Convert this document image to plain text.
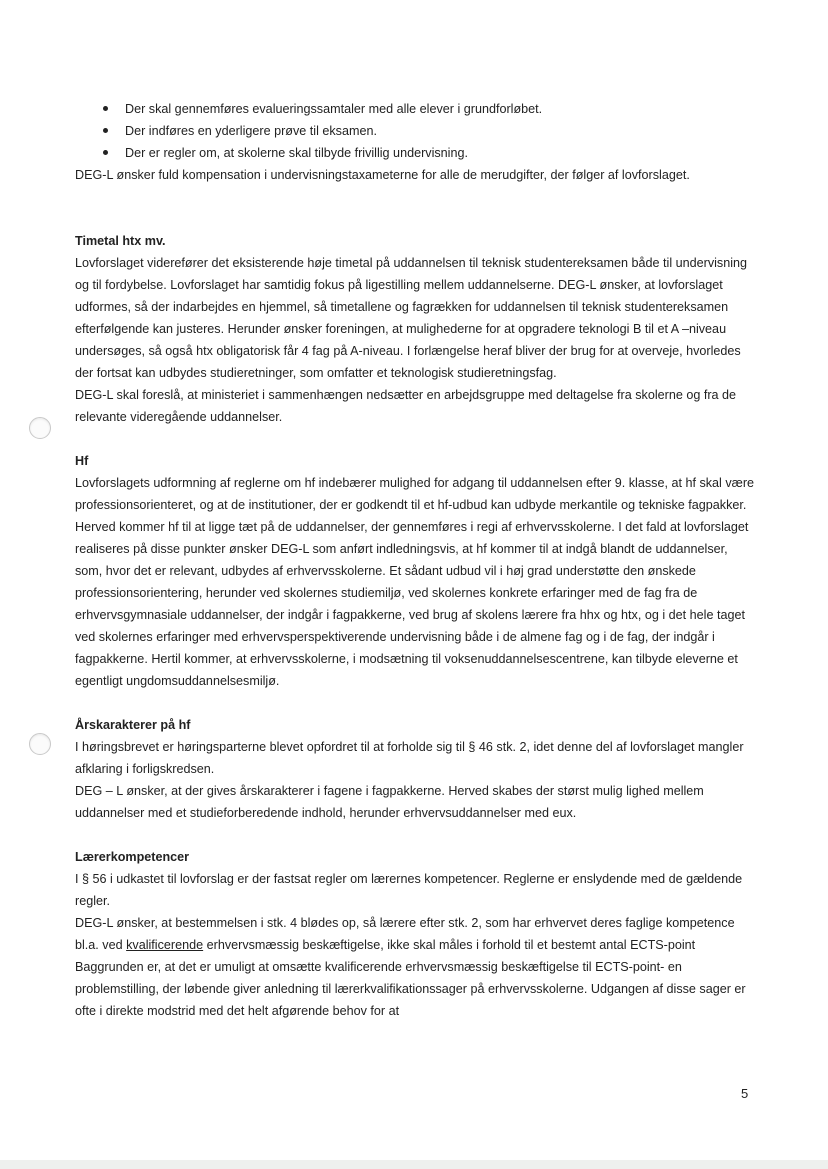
Der skal gennemføres evalueringssamtaler med alle elever i grundforløbet.
Der indføres en yderligere prøve til eksamen.
Der er regler om, at skolerne skal tilbyde frivillig undervisning.

DEG-L ønsker fuld kompensation i undervisningstaxameterne for alle de merudgifter, der følger af lovforslaget.

Timetal htx mv.

Lovforslaget viderefører det eksisterende høje timetal på uddannelsen til teknisk studentereksamen både til undervisning og til fordybelse. Lovforslaget har samtidig fokus på ligestilling mellem uddannelserne. DEG-L ønsker, at lovforslaget udformes, så der indarbejdes en hjemmel, så timetallene og fagrækken for uddannelsen til teknisk studentereksamen efterfølgende kan justeres. Herunder ønsker foreningen, at mulighederne for at opgradere teknologi B til et A –niveau undersøges, så også htx obligatorisk får 4 fag på A-niveau. I forlængelse heraf bliver der brug for at overveje, hvorledes der fortsat kan udbydes studieretninger, som omfatter et teknologisk studieretningsfag.

DEG-L skal foreslå, at ministeriet i sammenhængen nedsætter en arbejdsgruppe med deltagelse fra skolerne og fra de relevante videregående uddannelser.

Hf

Lovforslagets udformning af reglerne om hf indebærer mulighed for adgang til uddannelsen efter 9. klasse, at hf skal være professionsorienteret, og at de institutioner, der er godkendt til et hf-udbud kan udbyde merkantile og tekniske fagpakker. Herved kommer hf til at ligge tæt på de uddannelser, der gennemføres i regi af erhvervsskolerne. I det fald at lovforslaget realiseres på disse punkter ønsker DEG-L som anført indledningsvis, at hf kommer til at indgå blandt de uddannelser, som, hvor det er relevant, udbydes af erhvervsskolerne. Et sådant udbud vil i høj grad understøtte den ønskede professionsorientering, herunder ved skolernes studiemiljø, ved skolernes konkrete erfaringer med de fag fra de erhvervsgymnasiale uddannelser, der indgår i fagpakkerne, ved brug af skolens lærere fra hhx og htx, og i det hele taget ved skolernes erfaringer med erhvervsperspektiverende undervisning både i de almene fag og i de fag, der indgår i fagpakkerne. Hertil kommer, at erhvervsskolerne, i modsætning til voksenuddannelsescentrene, kan tilbyde eleverne et egentligt ungdomsuddannelsesmiljø.

Årskarakterer på hf

I høringsbrevet er høringsparterne blevet opfordret til at forholde sig til § 46 stk. 2, idet denne del af lovforslaget mangler afklaring i forligskredsen.

DEG – L ønsker, at der gives årskarakterer i fagene i fagpakkerne. Herved skabes der størst mulig lighed mellem uddannelser med et studieforberedende indhold, herunder erhvervsuddannelser med eux.

Lærerkompetencer

I § 56 i udkastet til lovforslag er der fastsat regler om lærernes kompetencer. Reglerne er enslydende med de gældende regler.

DEG-L ønsker, at bestemmelsen i stk. 4 blødes op, så lærere efter stk. 2, som har erhvervet deres faglige kompetence bl.a. ved kvalificerende erhvervsmæssig beskæftigelse, ikke skal måles i forhold til et bestemt antal ECTS-point Baggrunden er, at det er umuligt at omsætte kvalificerende erhvervsmæssig beskæftigelse til ECTS-point- en problemstilling, der løbende giver anledning til lærerkvalifikationssager på erhvervsskolerne. Udgangen af disse sager er ofte i direkte modstrid med det helt afgørende behov for at

5
